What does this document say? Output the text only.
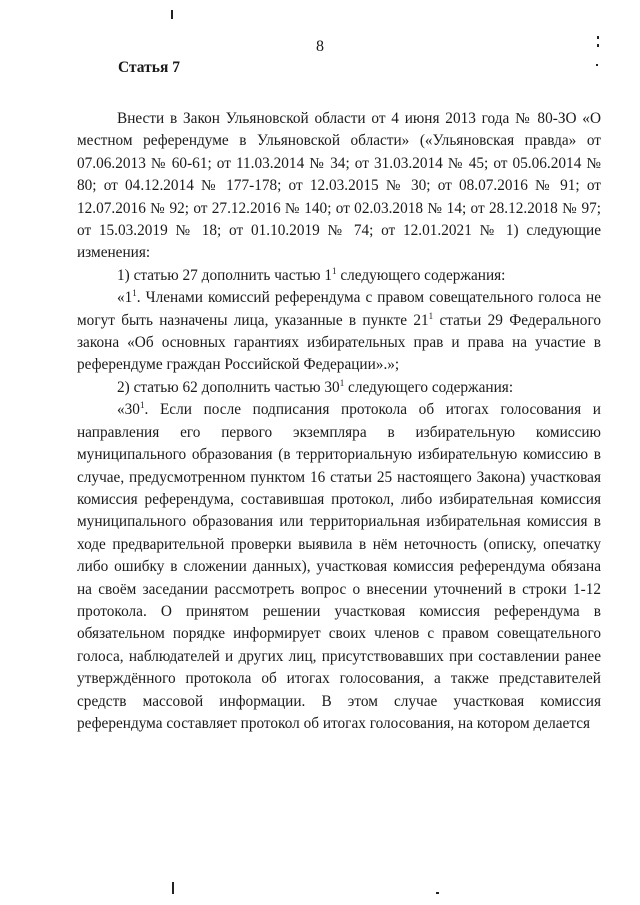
8
Статья 7

Внести в Закон Ульяновской области от 4 июня 2013 года № 80-ЗО «О местном референдуме в Ульяновской области» («Ульяновская правда» от 07.06.2013 № 60-61; от 11.03.2014 № 34; от 31.03.2014 № 45; от 05.06.2014 № 80; от 04.12.2014 № 177-178; от 12.03.2015 № 30; от 08.07.2016 № 91; от 12.07.2016 № 92; от 27.12.2016 № 140; от 02.03.2018 № 14; от 28.12.2018 № 97; от 15.03.2019 № 18; от 01.10.2019 № 74; от 12.01.2021 № 1) следующие изменения:

1) статью 27 дополнить частью $1^1$ следующего содержания:

«$1^1$. Членами комиссий референдума с правом совещательного голоса не могут быть назначены лица, указанные в пункте $21^1$ статьи 29 Федерального закона «Об основных гарантиях избирательных прав и права на участие в референдуме граждан Российской Федерации».»;

2) статью 62 дополнить частью $30^1$ следующего содержания:

«$30^1$. Если после подписания протокола об итогах голосования и направления его первого экземпляра в избирательную комиссию муниципального образования (в территориальную избирательную комиссию в случае, предусмотренном пунктом 16 статьи 25 настоящего Закона) участковая комиссия референдума, составившая протокол, либо избирательная комиссия муниципального образования или территориальная избирательная комиссия в ходе предварительной проверки выявила в нём неточность (описку, опечатку либо ошибку в сложении данных), участковая комиссия референдума обязана на своём заседании рассмотреть вопрос о внесении уточнений в строки 1-12 протокола. О принятом решении участковая комиссия референдума в обязательном порядке информирует своих членов с правом совещательного голоса, наблюдателей и других лиц, присутствовавших при составлении ранее утверждённого протокола об итогах голосования, а также представителей средств массовой информации. В этом случае участковая комиссия референдума составляет протокол об итогах голосования, на котором делается
